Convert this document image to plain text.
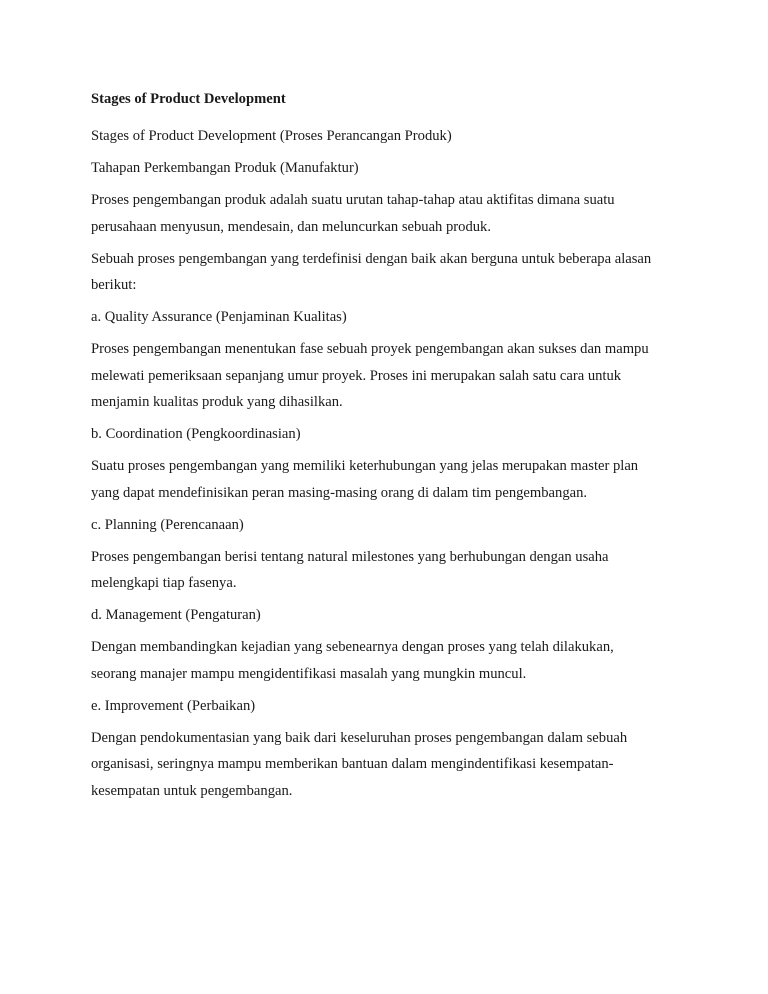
Stages of Product Development
Stages of Product Development (Proses Perancangan Produk)
Tahapan Perkembangan Produk (Manufaktur)
Proses pengembangan produk adalah suatu urutan tahap-tahap atau aktifitas dimana suatu
perusahaan menyusun, mendesain, dan meluncurkan sebuah produk.
Sebuah proses pengembangan yang terdefinisi dengan baik akan berguna untuk beberapa alasan
berikut:
a. Quality Assurance (Penjaminan Kualitas)
Proses pengembangan menentukan fase sebuah proyek pengembangan akan sukses dan mampu
melewati pemeriksaan sepanjang umur proyek. Proses ini merupakan salah satu cara untuk
menjamin kualitas produk yang dihasilkan.
b. Coordination (Pengkoordinasian)
Suatu proses pengembangan yang memiliki keterhubungan yang jelas merupakan master plan
yang dapat mendefinisikan peran masing-masing orang di dalam tim pengembangan.
c. Planning (Perencanaan)
Proses pengembangan berisi tentang natural milestones yang berhubungan dengan usaha
melengkapi tiap fasenya.
d. Management (Pengaturan)
Dengan membandingkan kejadian yang sebenearnya dengan proses yang telah dilakukan,
seorang manajer mampu mengidentifikasi masalah yang mungkin muncul.
e. Improvement (Perbaikan)
Dengan pendokumentasian yang baik dari keseluruhan proses pengembangan dalam sebuah
organisasi, seringnya mampu memberikan bantuan dalam mengindentifikasi kesempatan-
kesempatan untuk pengembangan.
